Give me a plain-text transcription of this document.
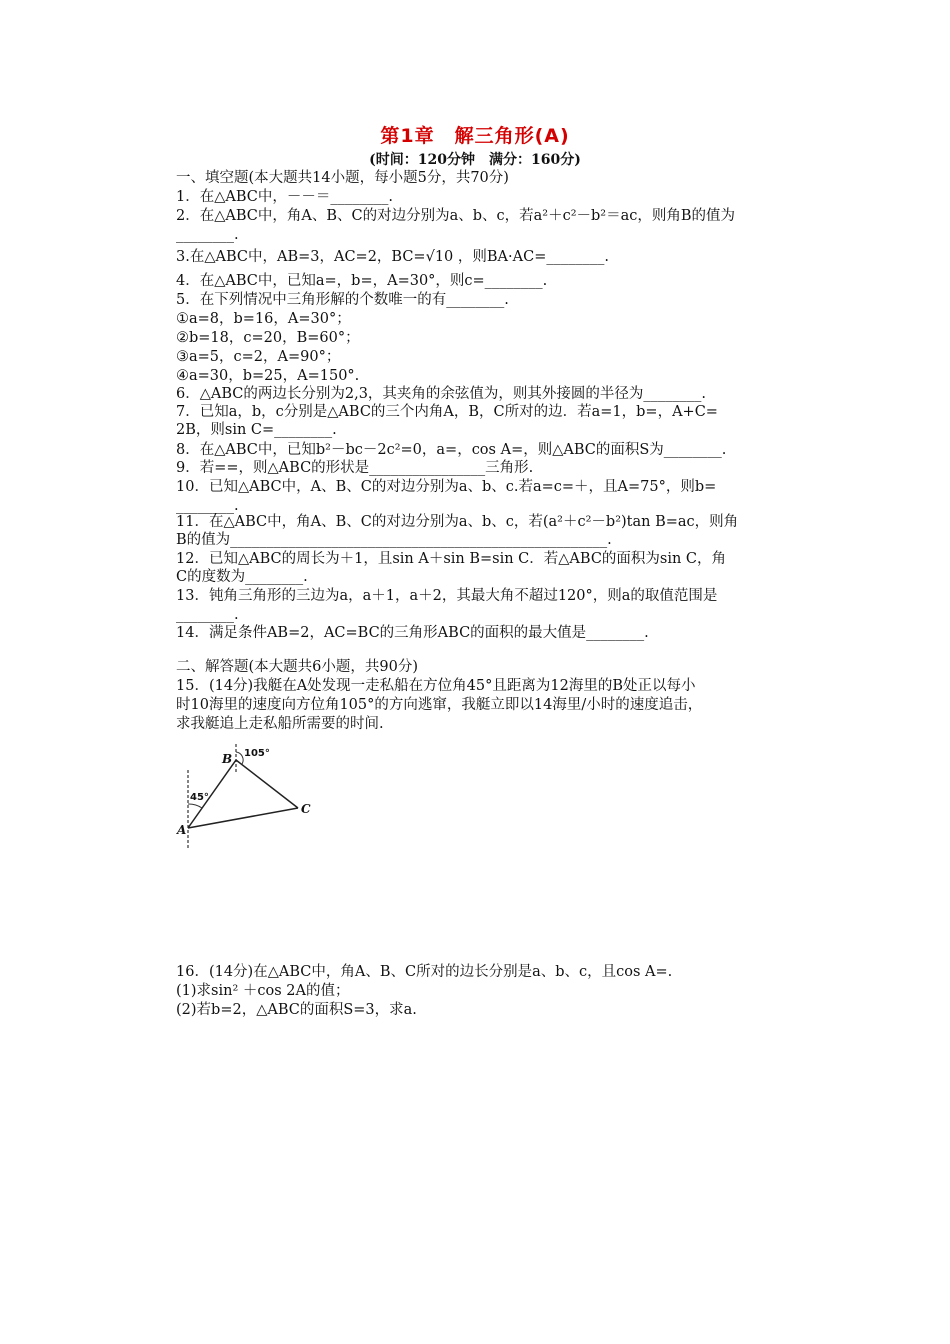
第1章　解三角形(A)
(时间：120分钟　满分：160分)
一、填空题(本大题共14小题，每小题5分，共70分)
1．在△ABC中，－－＝________.
2．在△ABC中，角A、B、C的对边分别为a、b、c，若a²＋c²－b²＝ac，则角B的值为
________.
3.在△ABC中，AB=3，AC=2，BC=√10 ，则BA·AC=________.
4．在△ABC中，已知a=，b=，A=30°，则c=________.
5．在下列情况中三角形解的个数唯一的有________.
①a=8，b=16，A=30°；
②b=18，c=20，B=60°；
③a=5，c=2，A=90°；
④a=30，b=25，A=150°.
6．△ABC的两边长分别为2,3，其夹角的余弦值为，则其外接圆的半径为________.
7．已知a，b，c分别是△ABC的三个内角A，B，C所对的边．若a=1，b=，A+C=
2B，则sin C=________.
8．在△ABC中，已知b²－bc－2c²=0，a=，cos A=，则△ABC的面积S为________.
9．若==，则△ABC的形状是________________三角形.
10．已知△ABC中，A、B、C的对边分别为a、b、c.若a=c=＋，且A=75°，则b=
________.
11．在△ABC中，角A、B、C的对边分别为a、b、c，若(a²＋c²－b²)tan B=ac，则角
B的值为____________________________________________________.
12．已知△ABC的周长为＋1，且sin A＋sin B=sin C．若△ABC的面积为sin C，角
C的度数为________.
13．钝角三角形的三边为a，a＋1，a＋2，其最大角不超过120°，则a的取值范围是
________.
14．满足条件AB=2，AC=BC的三角形ABC的面积的最大值是________.
二、解答题(本大题共6小题，共90分)
15．(14分)我艇在A处发现一走私船在方位角45°且距离为12海里的B处正以每小
时10海里的速度向方位角105°的方向逃窜，我艇立即以14海里/小时的速度追击，
求我艇追上走私船所需要的时间.
A
B
C
45°
105°
16．(14分)在△ABC中，角A、B、C所对的边长分别是a、b、c，且cos A=.
(1)求sin² ＋cos 2A的值；
(2)若b=2，△ABC的面积S=3，求a.
